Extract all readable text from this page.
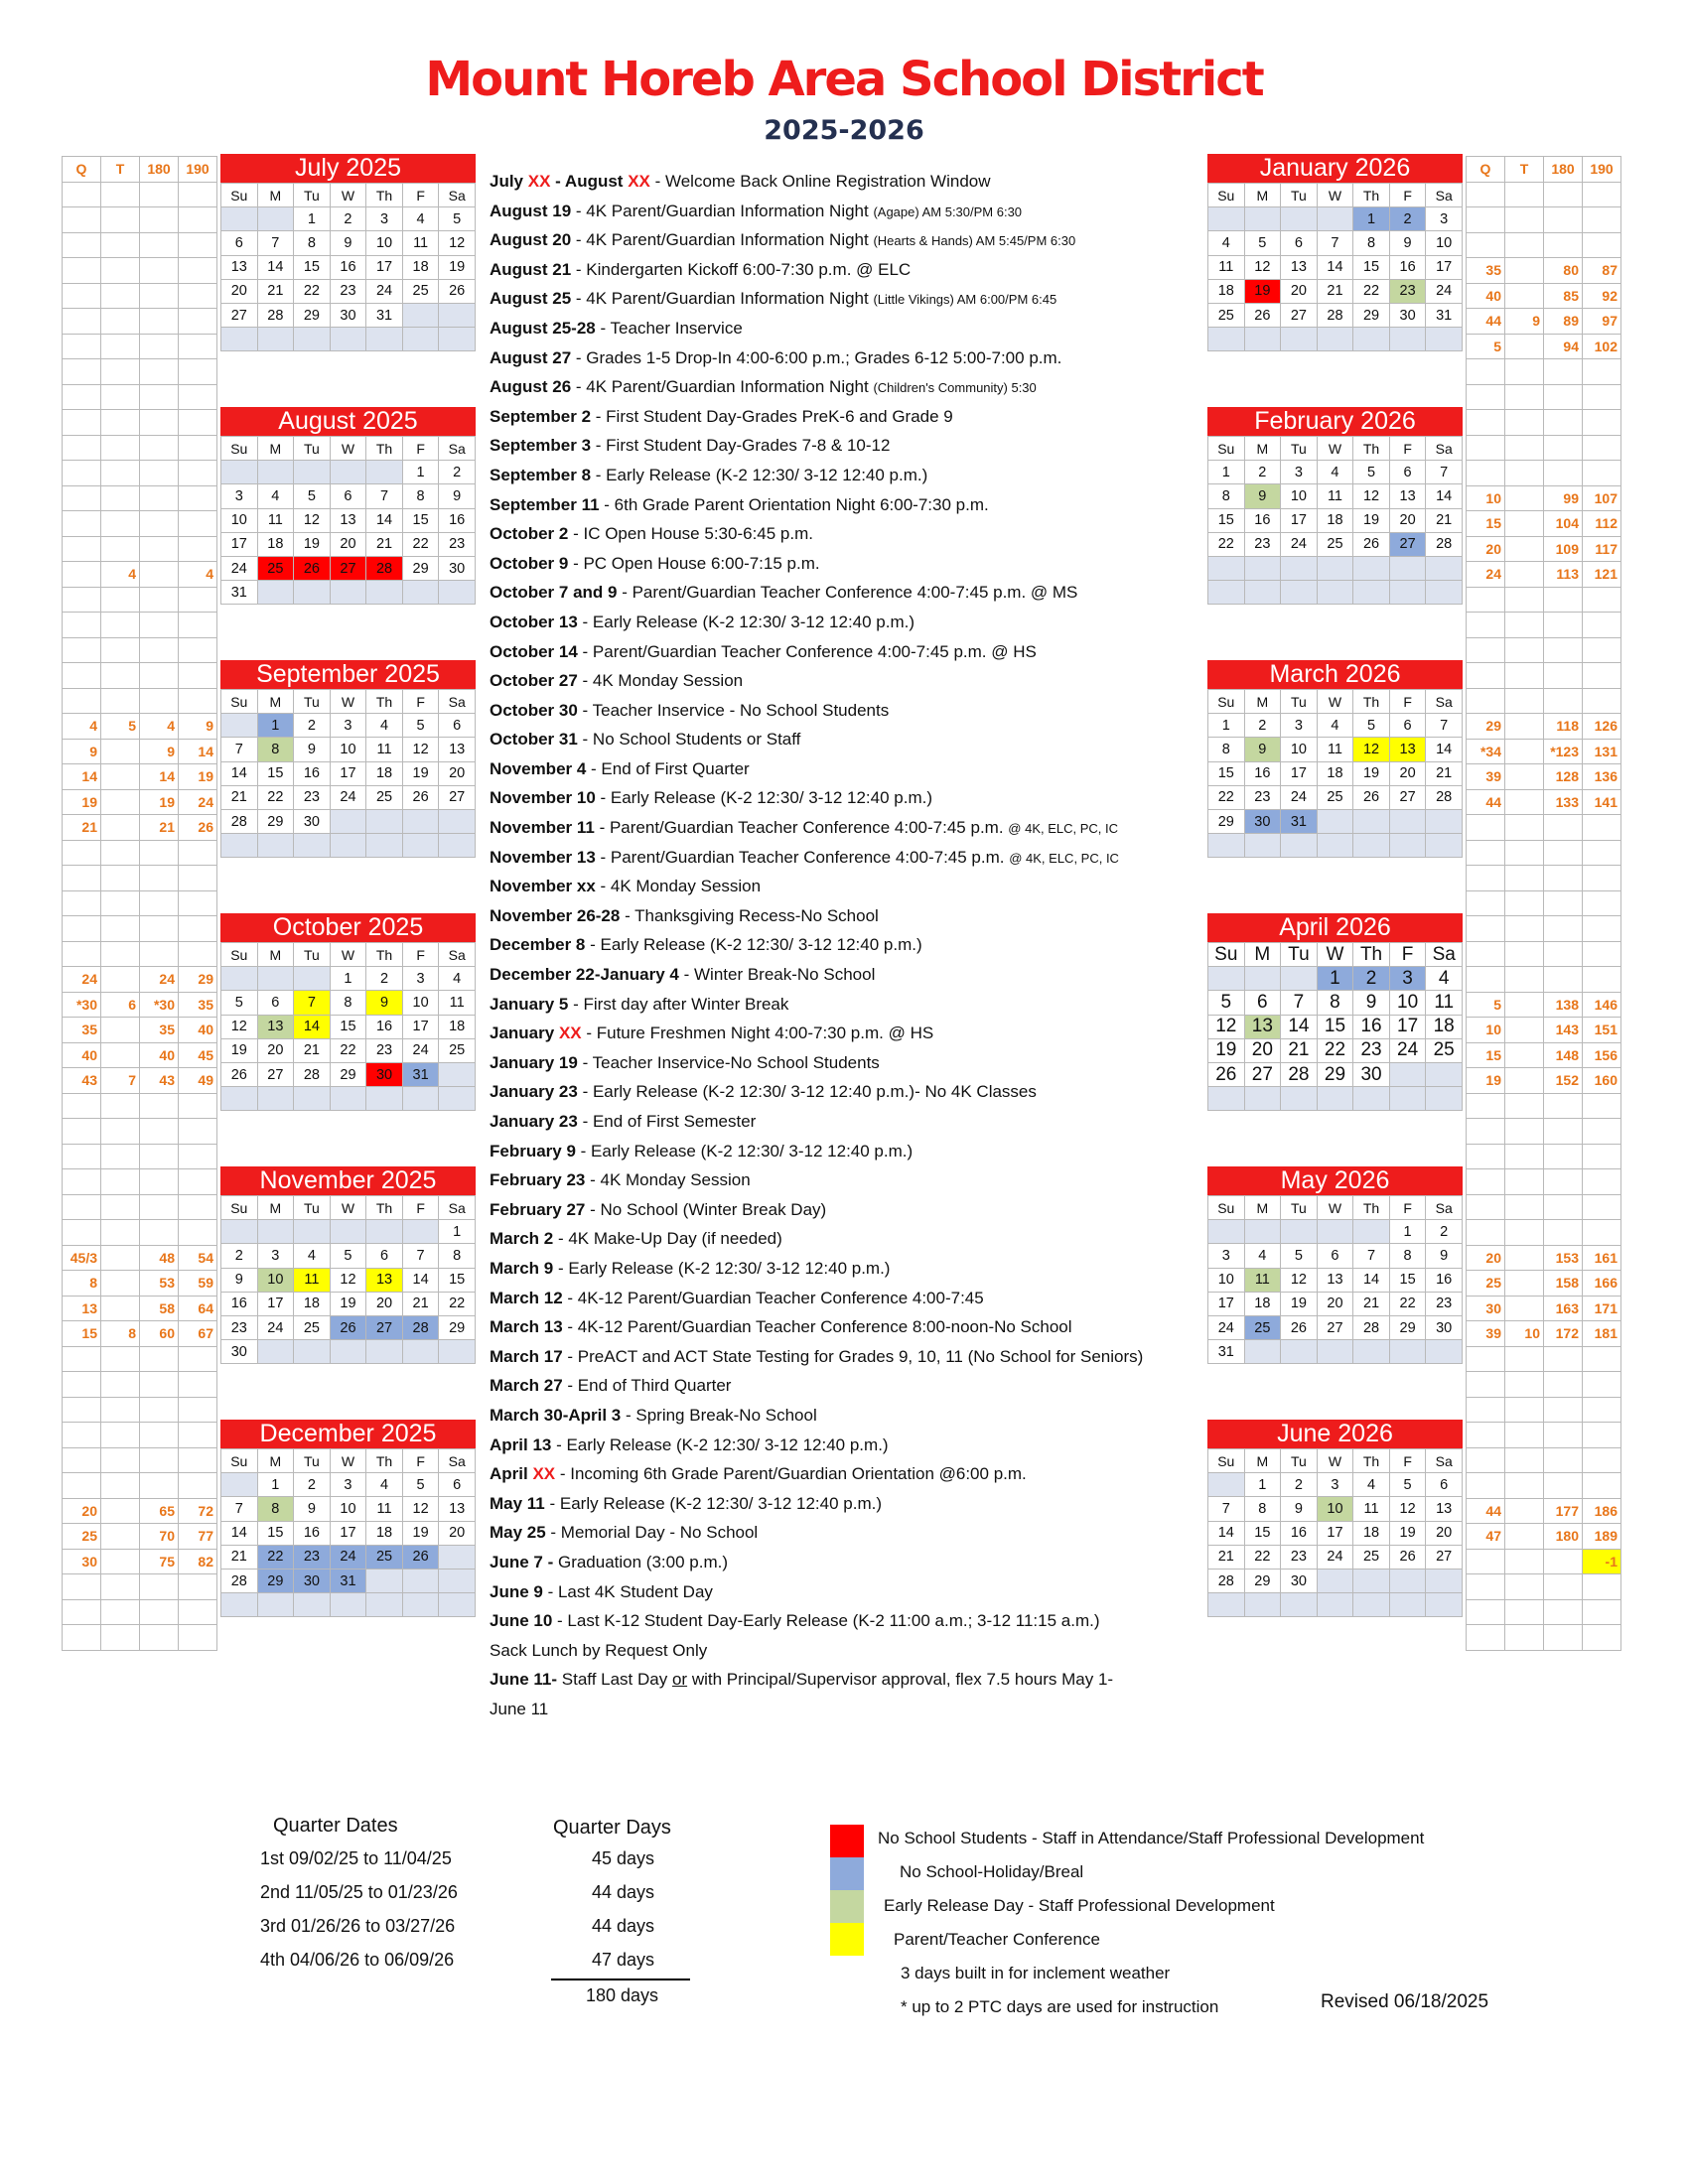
Mount Horeb Area School District
2025-2026
Q	T	180	190

	4		4

4	5	4	9
9		9	14
14		14	19
19		19	24
21		21	26

24		24	29
*30	6	*30	35
35		35	40
40		40	45
43	7	43	49

45/3		48	54
8		53	59
13		58	64
15	8	60	67

20		65	72
25		70	77
30		75	82

Q	T	180	190

35		80	87
40		85	92
44	9	89	97
5		94	102

10		99	107
15		104	112
20		109	117
24		113	121

29		118	126
*34		*123	131
39		128	136
44		133	141

5		138	146
10		143	151
15		148	156
19		152	160

20		153	161
25		158	166
30		163	171
39	10	172	181

44		177	186
47		180	189
			-1

July 2025
Su	M	Tu	W	Th	F	Sa
		1	2	3	4	5
6	7	8	9	10	11	12
13	14	15	16	17	18	19
20	21	22	23	24	25	26
27	28	29	30	31		

August 2025
Su	M	Tu	W	Th	F	Sa
					1	2
3	4	5	6	7	8	9
10	11	12	13	14	15	16
17	18	19	20	21	22	23
24	25	26	27	28	29	30
31						
September 2025
Su	M	Tu	W	Th	F	Sa
	1	2	3	4	5	6
7	8	9	10	11	12	13
14	15	16	17	18	19	20
21	22	23	24	25	26	27
28	29	30				

October 2025
Su	M	Tu	W	Th	F	Sa
			1	2	3	4
5	6	7	8	9	10	11
12	13	14	15	16	17	18
19	20	21	22	23	24	25
26	27	28	29	30	31	

November 2025
Su	M	Tu	W	Th	F	Sa
						1
2	3	4	5	6	7	8
9	10	11	12	13	14	15
16	17	18	19	20	21	22
23	24	25	26	27	28	29
30						
December 2025
Su	M	Tu	W	Th	F	Sa
	1	2	3	4	5	6
7	8	9	10	11	12	13
14	15	16	17	18	19	20
21	22	23	24	25	26	
28	29	30	31			

January 2026
Su	M	Tu	W	Th	F	Sa
				1	2	3
4	5	6	7	8	9	10
11	12	13	14	15	16	17
18	19	20	21	22	23	24
25	26	27	28	29	30	31

February 2026
Su	M	Tu	W	Th	F	Sa
1	2	3	4	5	6	7
8	9	10	11	12	13	14
15	16	17	18	19	20	21
22	23	24	25	26	27	28

March 2026
Su	M	Tu	W	Th	F	Sa
1	2	3	4	5	6	7
8	9	10	11	12	13	14
15	16	17	18	19	20	21
22	23	24	25	26	27	28
29	30	31				

April 2026
Su	M	Tu	W	Th	F	Sa
			1	2	3	4
5	6	7	8	9	10	11
12	13	14	15	16	17	18
19	20	21	22	23	24	25
26	27	28	29	30		

May 2026
Su	M	Tu	W	Th	F	Sa
					1	2
3	4	5	6	7	8	9
10	11	12	13	14	15	16
17	18	19	20	21	22	23
24	25	26	27	28	29	30
31						
June 2026
Su	M	Tu	W	Th	F	Sa
	1	2	3	4	5	6
7	8	9	10	11	12	13
14	15	16	17	18	19	20
21	22	23	24	25	26	27
28	29	30				

July XX - August XX - Welcome Back Online Registration Window
August 19 - 4K Parent/Guardian Information Night (Agape) AM 5:30/PM 6:30
August 20 - 4K Parent/Guardian Information Night (Hearts & Hands) AM 5:45/PM 6:30
August 21 - Kindergarten Kickoff 6:00-7:30 p.m. @ ELC
August 25 - 4K Parent/Guardian Information Night (Little Vikings) AM 6:00/PM 6:45
August 25-28 - Teacher Inservice
August 27 - Grades 1-5 Drop-In 4:00-6:00 p.m.; Grades 6-12 5:00-7:00 p.m.
August 26 - 4K Parent/Guardian Information Night (Children's Community) 5:30
September 2 - First Student Day-Grades PreK-6 and Grade 9
September 3 - First Student Day-Grades 7-8 & 10-12
September 8 - Early Release (K-2 12:30/ 3-12 12:40 p.m.)
September 11 - 6th Grade Parent Orientation Night 6:00-7:30 p.m.
October 2 - IC Open House 5:30-6:45 p.m.
October 9 - PC Open House 6:00-7:15 p.m.
October 7 and 9 - Parent/Guardian Teacher Conference 4:00-7:45 p.m. @ MS
October 13 - Early Release (K-2 12:30/ 3-12 12:40 p.m.)
October 14 - Parent/Guardian Teacher Conference 4:00-7:45 p.m. @ HS
October 27 - 4K Monday Session
October 30 - Teacher Inservice - No School Students
October 31 - No School Students or Staff
November 4 - End of First Quarter
November 10 - Early Release (K-2 12:30/ 3-12 12:40 p.m.)
November 11 - Parent/Guardian Teacher Conference 4:00-7:45 p.m. @ 4K, ELC, PC, IC
November 13 - Parent/Guardian Teacher Conference 4:00-7:45 p.m. @ 4K, ELC, PC, IC
November xx - 4K Monday Session
November 26-28 - Thanksgiving Recess-No School
December 8 - Early Release (K-2 12:30/ 3-12 12:40 p.m.)
December 22-January 4 - Winter Break-No School
January 5 - First day after Winter Break
January XX - Future Freshmen Night 4:00-7:30 p.m. @ HS
January 19 - Teacher Inservice-No School Students
January 23 - Early Release (K-2 12:30/ 3-12 12:40 p.m.)- No 4K Classes
January 23 - End of First Semester
February 9 - Early Release (K-2 12:30/ 3-12 12:40 p.m.)
February 23 - 4K Monday Session
February 27 - No School (Winter Break Day)
March 2 - 4K Make-Up Day (if needed)
March 9 - Early Release (K-2 12:30/ 3-12 12:40 p.m.)
March 12 - 4K-12 Parent/Guardian Teacher Conference 4:00-7:45
March 13 - 4K-12 Parent/Guardian Teacher Conference 8:00-noon-No School
March 17 - PreACT and ACT State Testing for Grades 9, 10, 11 (No School for Seniors)
March 27 - End of Third Quarter
March 30-April 3 - Spring Break-No School
April 13 - Early Release (K-2 12:30/ 3-12 12:40 p.m.)
April XX - Incoming 6th Grade Parent/Guardian Orientation @6:00 p.m.
May 11 - Early Release (K-2 12:30/ 3-12 12:40 p.m.)
May 25 - Memorial Day - No School
June 7 - Graduation (3:00 p.m.)
June 9 - Last 4K Student Day
June 10 - Last K-12 Student Day-Early Release (K-2 11:00 a.m.; 3-12 11:15 a.m.)
Sack Lunch by Request Only
June 11- Staff Last Day or with Principal/Supervisor approval, flex 7.5 hours May 1-
June 11
Quarter Dates
1st 09/02/25 to 11/04/25
2nd 11/05/25 to 01/23/26
3rd 01/26/26 to 03/27/26
4th 04/06/26 to 06/09/26
Quarter Days
45 days
44 days
44 days
47 days
180 days
No School Students - Staff in Attendance/Staff Professional Development
No School-Holiday/Breal
Early Release Day - Staff Professional Development
Parent/Teacher Conference
3 days built in for inclement weather
* up to 2 PTC days are used for instruction	Revised 06/18/2025
